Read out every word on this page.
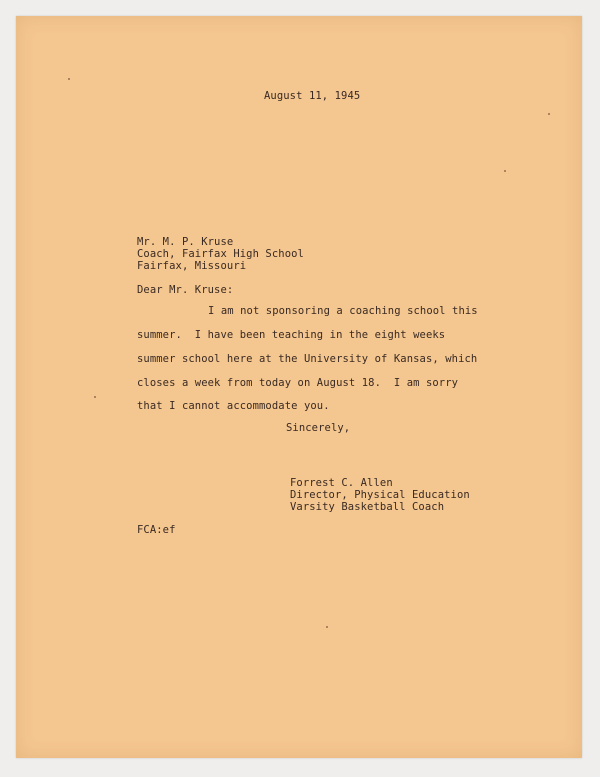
August 11, 1945
Mr. M. P. Kruse
Coach, Fairfax High School
Fairfax, Missouri
Dear Mr. Kruse:
I am not sponsoring a coaching school this
summer.  I have been teaching in the eight weeks
summer school here at the University of Kansas, which
closes a week from today on August 18.  I am sorry
that I cannot accommodate you.
Sincerely,
Forrest C. Allen
Director, Physical Education
Varsity Basketball Coach
FCA:ef
